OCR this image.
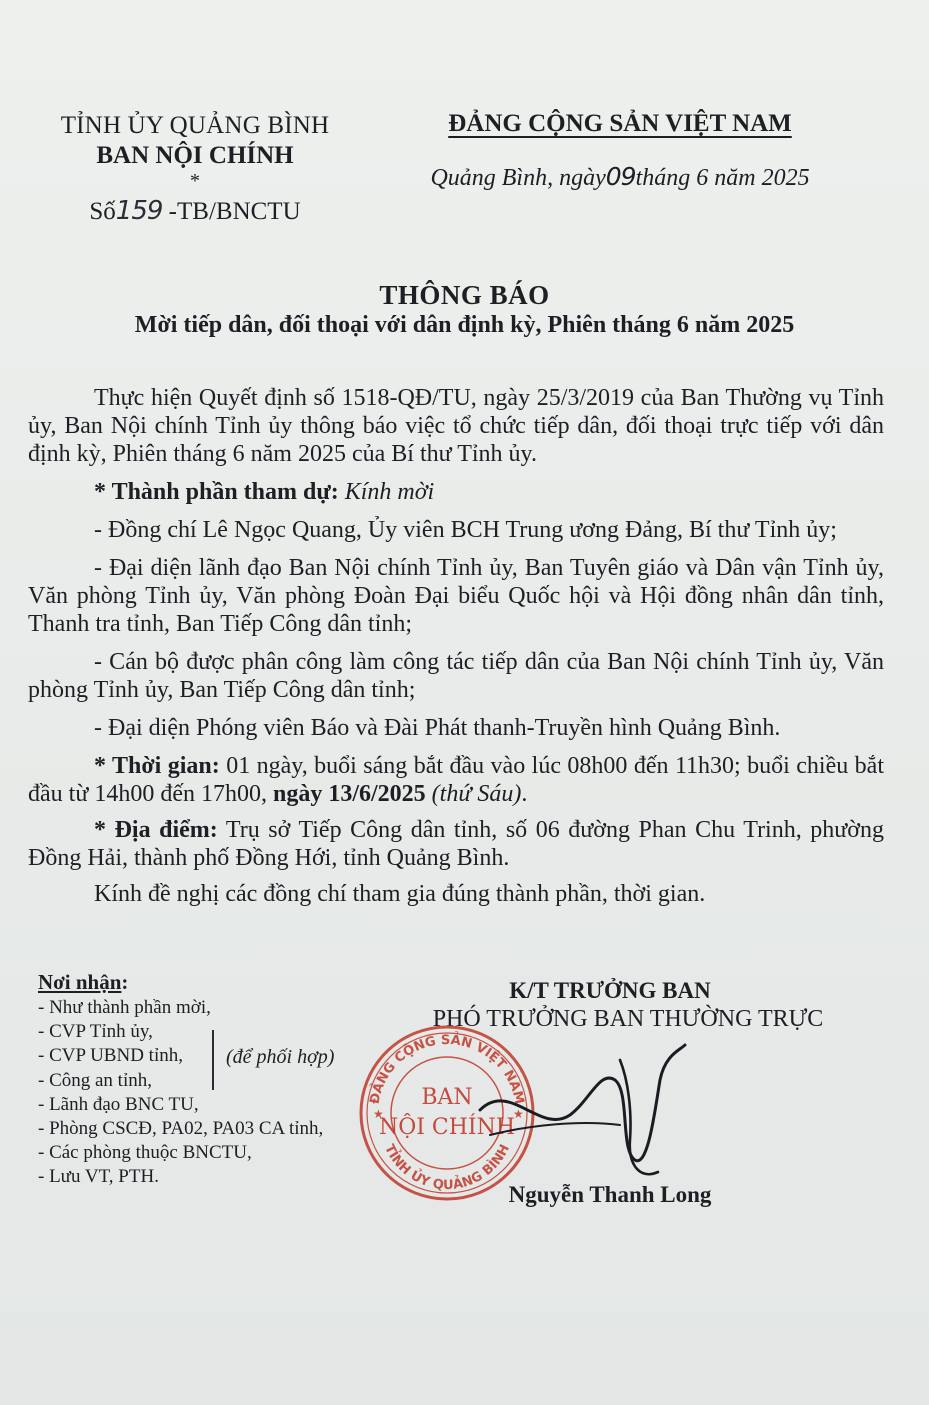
TỈNH ỦY QUẢNG BÌNH
BAN NỘI CHÍNH
*
Số159 -TB/BNCTU
ĐẢNG CỘNG SẢN VIỆT NAM
Quảng Bình, ngày09tháng 6 năm 2025
THÔNG BÁO
Mời tiếp dân, đối thoại với dân định kỳ, Phiên tháng 6 năm 2025

Thực hiện Quyết định số 1518-QĐ/TU, ngày 25/3/2019 của Ban Thường vụ Tỉnh ủy, Ban Nội chính Tỉnh ủy thông báo việc tổ chức tiếp dân, đối thoại trực tiếp với dân định kỳ, Phiên tháng 6 năm 2025 của Bí thư Tỉnh ủy.

* Thành phần tham dự: Kính mời

- Đồng chí Lê Ngọc Quang, Ủy viên BCH Trung ương Đảng, Bí thư Tỉnh ủy;

- Đại diện lãnh đạo Ban Nội chính Tỉnh ủy, Ban Tuyên giáo và Dân vận Tỉnh ủy, Văn phòng Tỉnh ủy, Văn phòng Đoàn Đại biểu Quốc hội và Hội đồng nhân dân tỉnh, Thanh tra tỉnh, Ban Tiếp Công dân tỉnh;

- Cán bộ được phân công làm công tác tiếp dân của Ban Nội chính Tỉnh ủy, Văn phòng Tỉnh ủy, Ban Tiếp Công dân tỉnh;

- Đại diện Phóng viên Báo và Đài Phát thanh-Truyền hình Quảng Bình.

* Thời gian: 01 ngày, buổi sáng bắt đầu vào lúc 08h00 đến 11h30; buổi chiều bắt đầu từ 14h00 đến 17h00, ngày 13/6/2025 (thứ Sáu).

* Địa điểm: Trụ sở Tiếp Công dân tỉnh, số 06 đường Phan Chu Trinh, phường Đồng Hải, thành phố Đồng Hới, tỉnh Quảng Bình.

Kính đề nghị các đồng chí tham gia đúng thành phần, thời gian.

Nơi nhận:
- Như thành phần mời,
- CVP Tỉnh ủy,
- CVP UBND tỉnh,
- Công an tỉnh,
- Lãnh đạo BNC TU,
- Phòng CSCĐ, PA02, PA03 CA tỉnh,
- Các phòng thuộc BNCTU,
- Lưu VT, PTH.
(để phối hợp)
K/T TRƯỞNG BAN
PHÓ TRƯỞNG BAN THƯỜNG TRỰC
ĐẢNG CỘNG SẢN VIỆT NAM
TỈNH ỦY QUẢNG BÌNH
★	★
BAN
NỘI CHÍNH
Nguyễn Thanh Long
